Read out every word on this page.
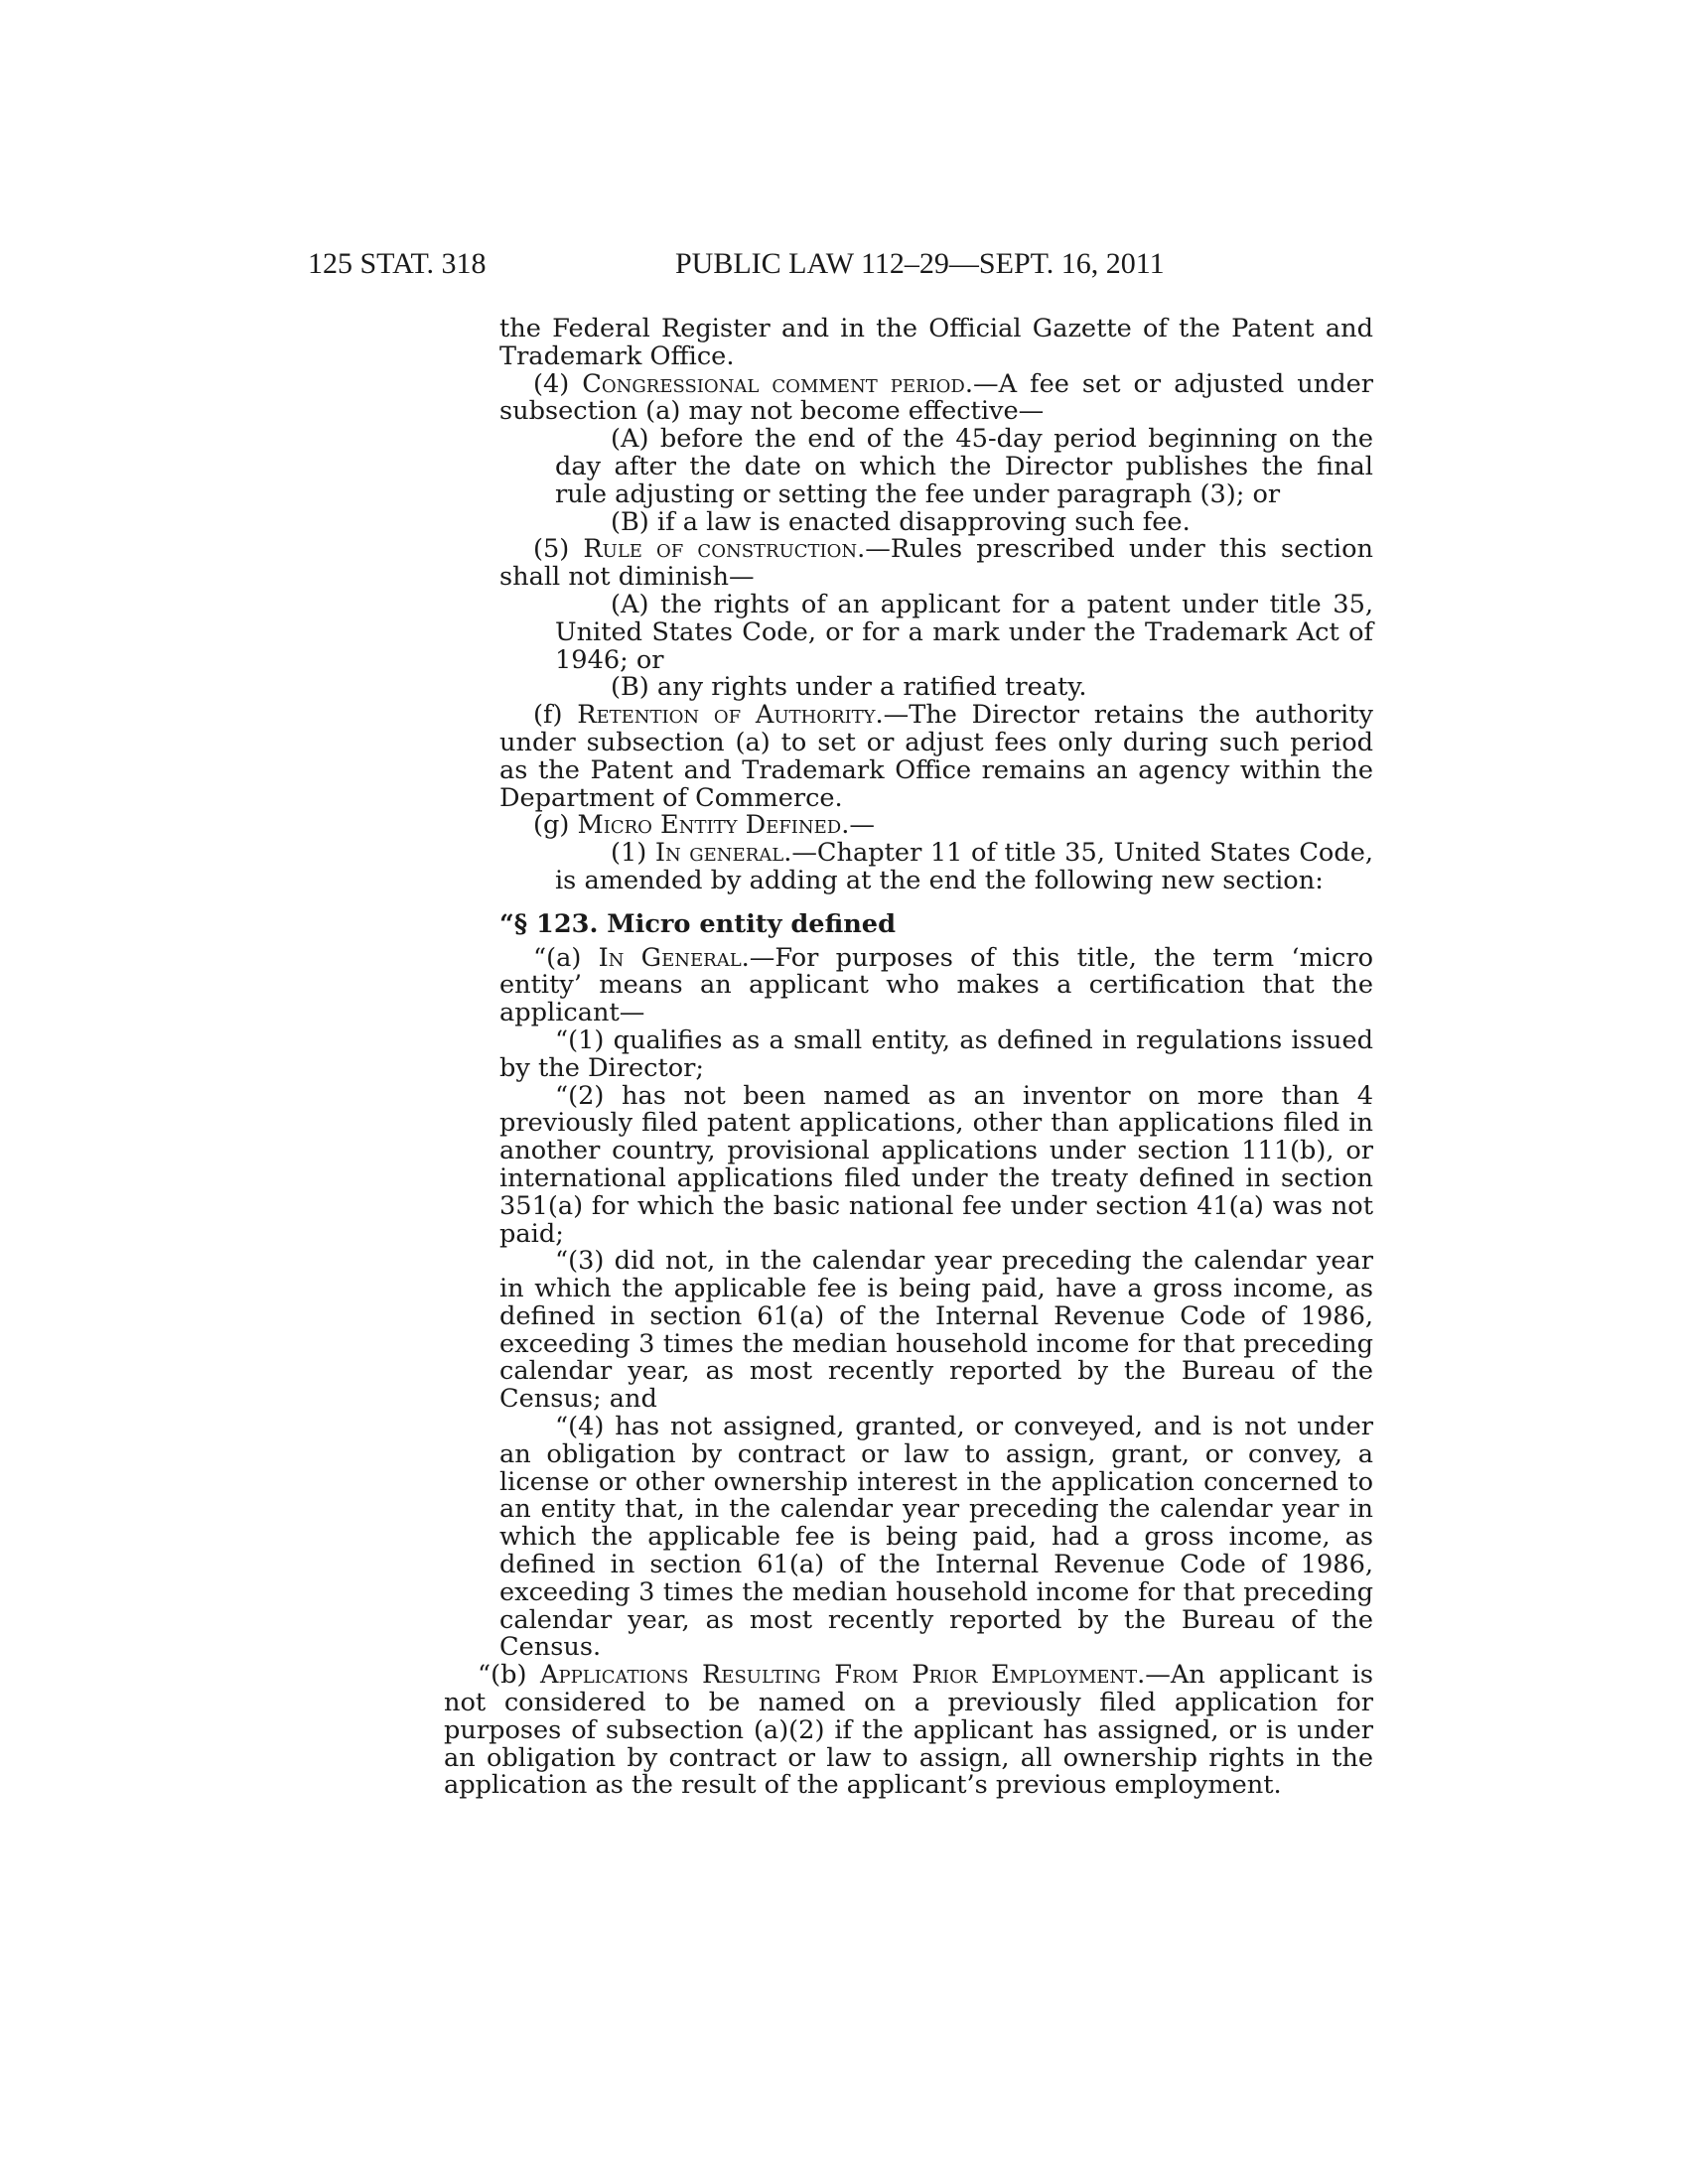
125 STAT. 318	PUBLIC LAW 112–29—SEPT. 16, 2011

the Federal Register and in the Official Gazette of the Patent and Trademark Office.

(4) Congressional comment period.—A fee set or adjusted under subsection (a) may not become effective—

(A) before the end of the 45-day period beginning on the day after the date on which the Director publishes the final rule adjusting or setting the fee under paragraph (3); or

(B) if a law is enacted disapproving such fee.

(5) Rule of construction.—Rules prescribed under this section shall not diminish—

(A) the rights of an applicant for a patent under title 35, United States Code, or for a mark under the Trademark Act of 1946; or

(B) any rights under a ratified treaty.

(f) Retention of Authority.—The Director retains the authority under subsection (a) to set or adjust fees only during such period as the Patent and Trademark Office remains an agency within the Department of Commerce.

(g) Micro Entity Defined.—

(1) In general.—Chapter 11 of title 35, United States Code, is amended by adding at the end the following new section:

“§ 123. Micro entity defined

“(a) In General.—For purposes of this title, the term ‘micro entity’ means an applicant who makes a certification that the applicant—

“(1) qualifies as a small entity, as defined in regulations issued by the Director;

“(2) has not been named as an inventor on more than 4 previously filed patent applications, other than applications filed in another country, provisional applications under section 111(b), or international applications filed under the treaty defined in section 351(a) for which the basic national fee under section 41(a) was not paid;

“(3) did not, in the calendar year preceding the calendar year in which the applicable fee is being paid, have a gross income, as defined in section 61(a) of the Internal Revenue Code of 1986, exceeding 3 times the median household income for that preceding calendar year, as most recently reported by the Bureau of the Census; and

“(4) has not assigned, granted, or conveyed, and is not under an obligation by contract or law to assign, grant, or convey, a license or other ownership interest in the application concerned to an entity that, in the calendar year preceding the calendar year in which the applicable fee is being paid, had a gross income, as defined in section 61(a) of the Internal Revenue Code of 1986, exceeding 3 times the median household income for that preceding calendar year, as most recently reported by the Bureau of the Census.

“(b) Applications Resulting From Prior Employment.—An applicant is not considered to be named on a previously filed application for purposes of subsection (a)(2) if the applicant has assigned, or is under an obligation by contract or law to assign, all ownership rights in the application as the result of the applicant’s previous employment.
